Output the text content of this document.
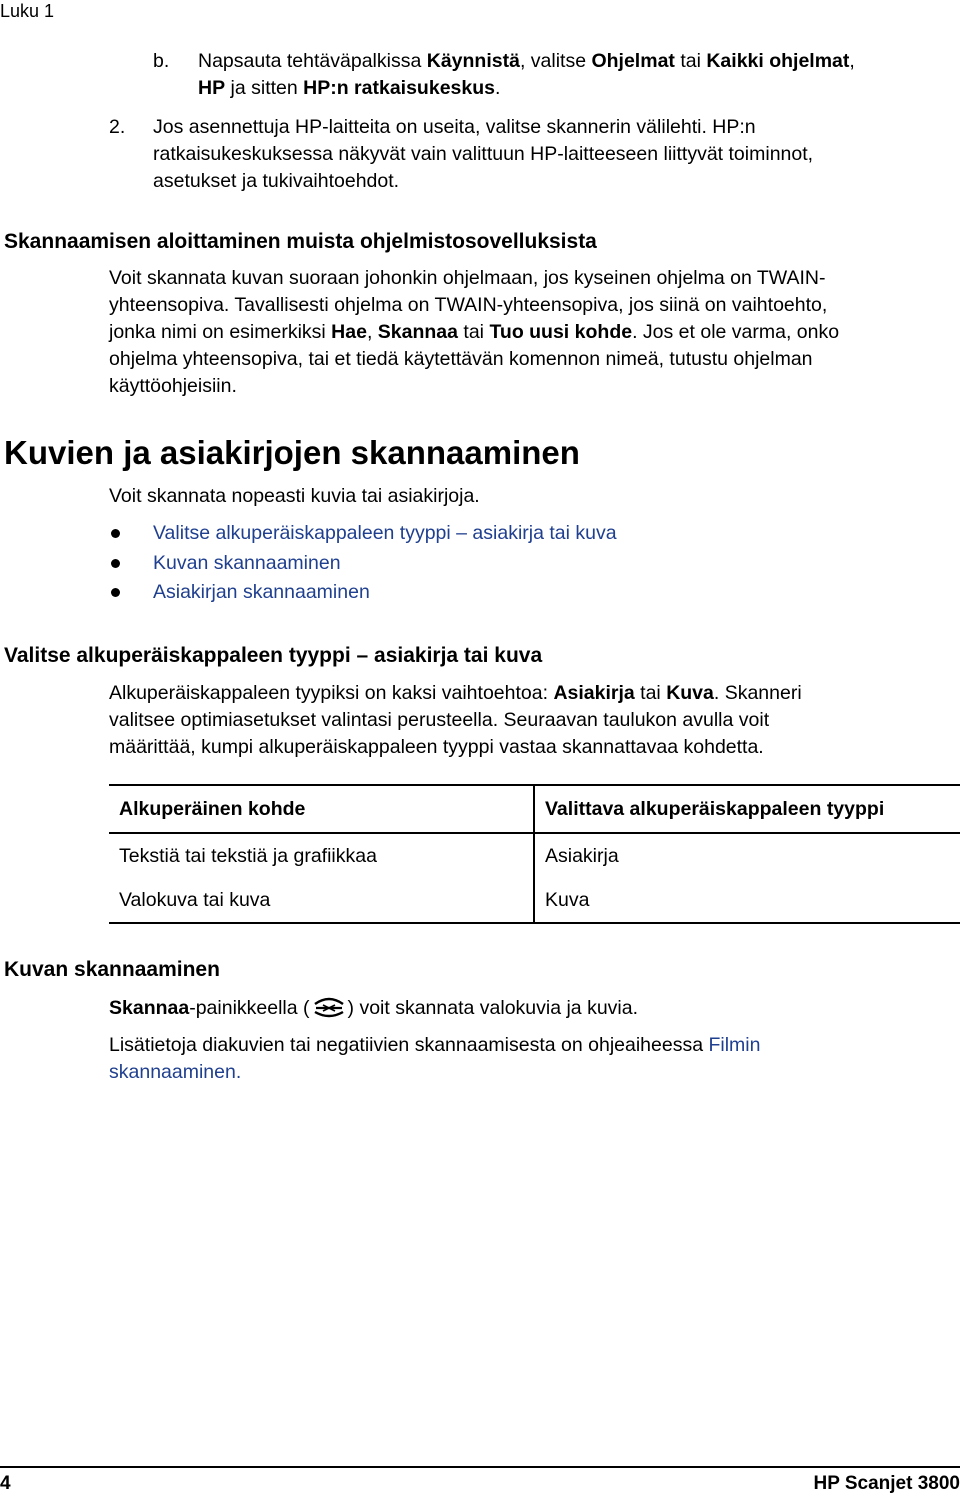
Luku 1
b. Napsauta tehtäväpalkissa Käynnistä, valitse Ohjelmat tai Kaikki ohjelmat,
HP ja sitten HP:n ratkaisukeskus.
2. Jos asennettuja HP-laitteita on useita, valitse skannerin välilehti. HP:n
ratkaisukeskuksessa näkyvät vain valittuun HP-laitteeseen liittyvät toiminnot,
asetukset ja tukivaihtoehdot.
Skannaamisen aloittaminen muista ohjelmistosovelluksista
Voit skannata kuvan suoraan johonkin ohjelmaan, jos kyseinen ohjelma on TWAIN-
yhteensopiva. Tavallisesti ohjelma on TWAIN-yhteensopiva, jos siinä on vaihtoehto,
jonka nimi on esimerkiksi Hae, Skannaa tai Tuo uusi kohde. Jos et ole varma, onko
ohjelma yhteensopiva, tai et tiedä käytettävän komennon nimeä, tutustu ohjelman
käyttöohjeisiin.
Kuvien ja asiakirjojen skannaaminen
Voit skannata nopeasti kuvia tai asiakirjoja.
Valitse alkuperäiskappaleen tyyppi – asiakirja tai kuva
Kuvan skannaaminen
Asiakirjan skannaaminen
Valitse alkuperäiskappaleen tyyppi – asiakirja tai kuva
Alkuperäiskappaleen tyypiksi on kaksi vaihtoehtoa: Asiakirja tai Kuva. Skanneri
valitsee optimiasetukset valintasi perusteella. Seuraavan taulukon avulla voit
määrittää, kumpi alkuperäiskappaleen tyyppi vastaa skannattavaa kohdetta.
Alkuperäinen kohde	Valittava alkuperäiskappaleen tyyppi
Tekstiä tai tekstiä ja grafiikkaa	Asiakirja
Valokuva tai kuva	Kuva
Kuvan skannaaminen
Skannaa-painikkeella ( ) voit skannata valokuvia ja kuvia.
Lisätietoja diakuvien tai negatiivien skannaamisesta on ohjeaiheessa Filmin
skannaaminen.
4	HP Scanjet 3800
